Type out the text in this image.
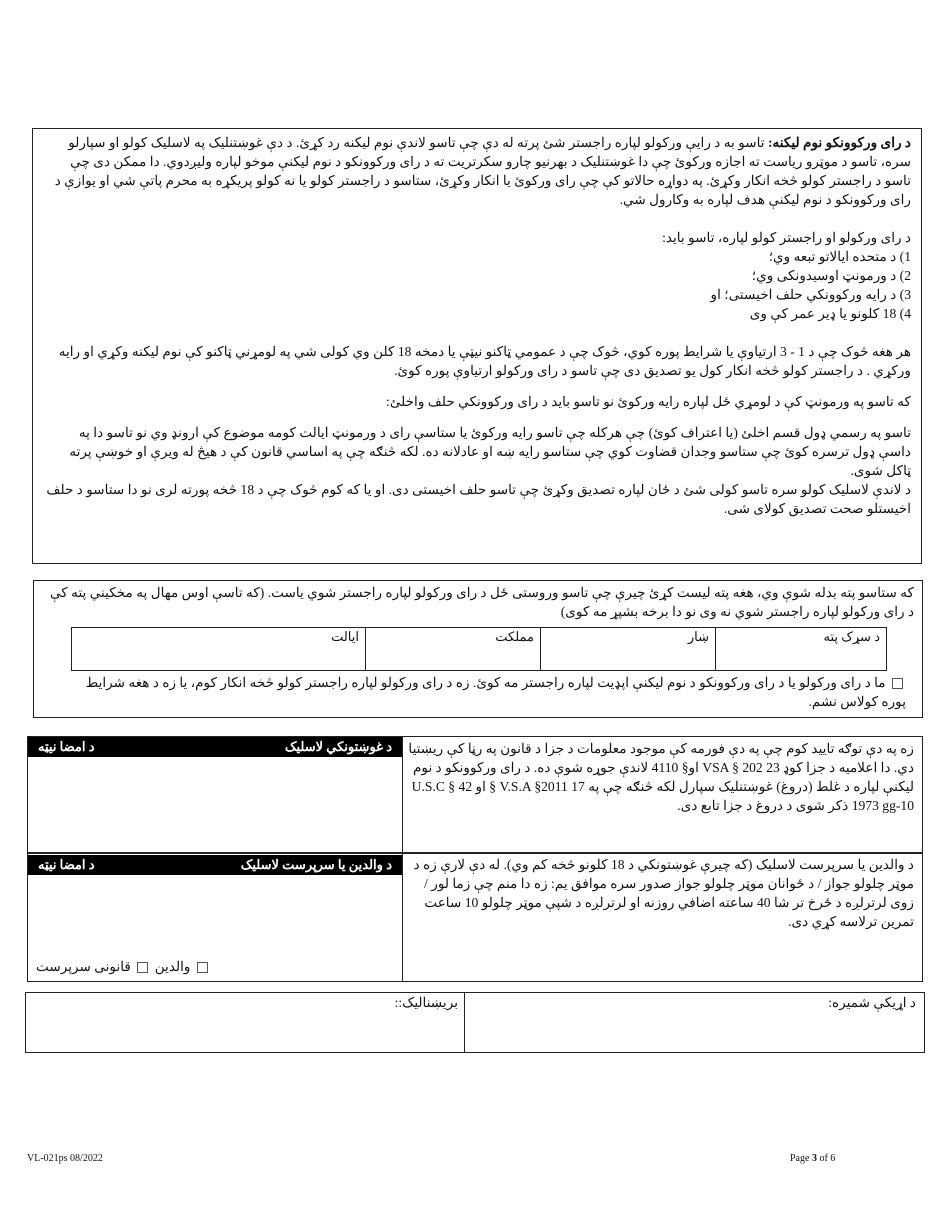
د رای ورکوونکو نوم لیکنه: تاسو به د رایې ورکولو لپاره راجستر شئ پرته له دې چې تاسو لاندې نوم لیکنه رد کړئ. د دې غوښتنلیک په لاسلیک کولو او سپارلو سره، تاسو د موټرو ریاست ته اجازه ورکوئ چې دا غوښتنلیک د بهرنیو چارو سکرتریت ته د رای ورکوونکو د نوم لیکنې موخو لپاره ولیږدوي. دا ممکن دی چې تاسو د راجستر کولو څخه انکار وکړئ. په دواړه حالاتو کې چې رای ورکوئ یا انکار وکړئ، ستاسو د راجستر کولو یا نه کولو پریکړه به محرم پاتې شي او یوازې د رای ورکوونکو د نوم لیکنې هدف لپاره به وکارول شي.

د رای ورکولو او راجستر کولو لپاره، تاسو باید:

1) د متحده ایالاتو تبعه وي؛

2) د ورمونټ اوسیدونکی وي؛

3) د رایه ورکوونکي حلف اخیستی؛ او

4) 18 کلونو یا ډیر عمر کې وی

هر هغه څوک چې د 1 - 3 ارتیاوې یا شرایط پوره کوي، څوک چې د عمومي ټاکنو نیټې یا دمخه 18 کلن وي کولی شي په لومړني ټاکنو کې نوم لیکنه وکړي او رایه ورکړي . د راجستر کولو څخه انکار کول یو تصدیق دی چې تاسو د رای ورکولو ارتیاوې پوره کوئ.

که تاسو په ورمونټ کې د لومړي ځل لپاره رایه ورکوئ نو تاسو باید د رای ورکوونکي حلف واخلئ:

تاسو په رسمي ډول قسم اخلئ (یا اعتراف کوئ) چې هرکله چې تاسو رایه ورکوئ یا ستاسې رای د ورمونټ ایالت کومه موضوع کې ارونډ وي نو تاسو دا په داسې ډول ترسره کوئ چې ستاسو وجدان قضاوت کوي چې ستاسو رایه ښه او عادلانه ده. لکه څنګه چې په اساسي قانون کې د هیڅ له ویرې او خوښې پرته ټاکل شوی.

د لاندې لاسلیک کولو سره تاسو کولی شئ د ځان لپاره تصدیق وکړئ چې تاسو حلف اخیستی دی. او یا که کوم څوک چې د 18 څخه پورته لری نو دا ستاسو د حلف اخیستلو صحت تصدیق کولای شی.

که ستاسو پته بدله شوې وي، هغه پته لیست کړئ چیرې چې تاسو وروستی ځل د رای ورکولو لپاره راجستر شوي یاست. (که تاسې اوس مهال په مخکیني پته کې د رای ورکولو لپاره راجستر شوي نه وی نو دا برخه بشپړ مه کوی)

د سړک پته	ښار	مملکت	ایالت

ما د رای ورکولو یا د رای ورکوونکو د نوم لیکنې اپډیت لپاره راجستر مه کوئ. زه د رای ورکولو لپاره راجستر کولو څخه انکار کوم، یا زه د هغه شرایط پوره کولاس نشم.

زه په دې توګه تایید کوم چې په دې فورمه کې موجود معلومات د جزا د قانون په رڼا کې ریښتیا دي. دا اعلامیه د جزا کوډ 23 VSA § 202 او§ 4110 لاندې جوړه شوې ده. د رای ورکوونکو د نوم لیکنې لپاره د غلط (دروغ) غوښتنلیک سپارل لکه څنګه چې په 17 V.S.A §2011 § او 42 U.S.C § 1973 gg-10 ذکر شوی د دروغ د جزا تابع دی.
د غوښتونکي لاسلیک
د امضا نیټه
د والدین یا سرپرست لاسلیک (که چیرې غوښتونکي د 18 کلونو څخه کم وي). له دې لارې زه د موټر چلولو جواز / د ځوانان موټر چلولو جواز صدور سره موافق یم: زه دا منم چې زما لور / زوی لرترلږه د ځرخ تر شا 40 ساعته اضافي روزنه او لرترلږه د شپې موټر چلولو 10 ساعت تمرین ترلاسه کړي دی.
د والدین یا سرپرست لاسلیک
د امضا نیټه
والدین  قانونی سرپرست
د اړیکې شمیره:
بریښنالیک::
VL-021ps 08/2022	Page 3 of 6
